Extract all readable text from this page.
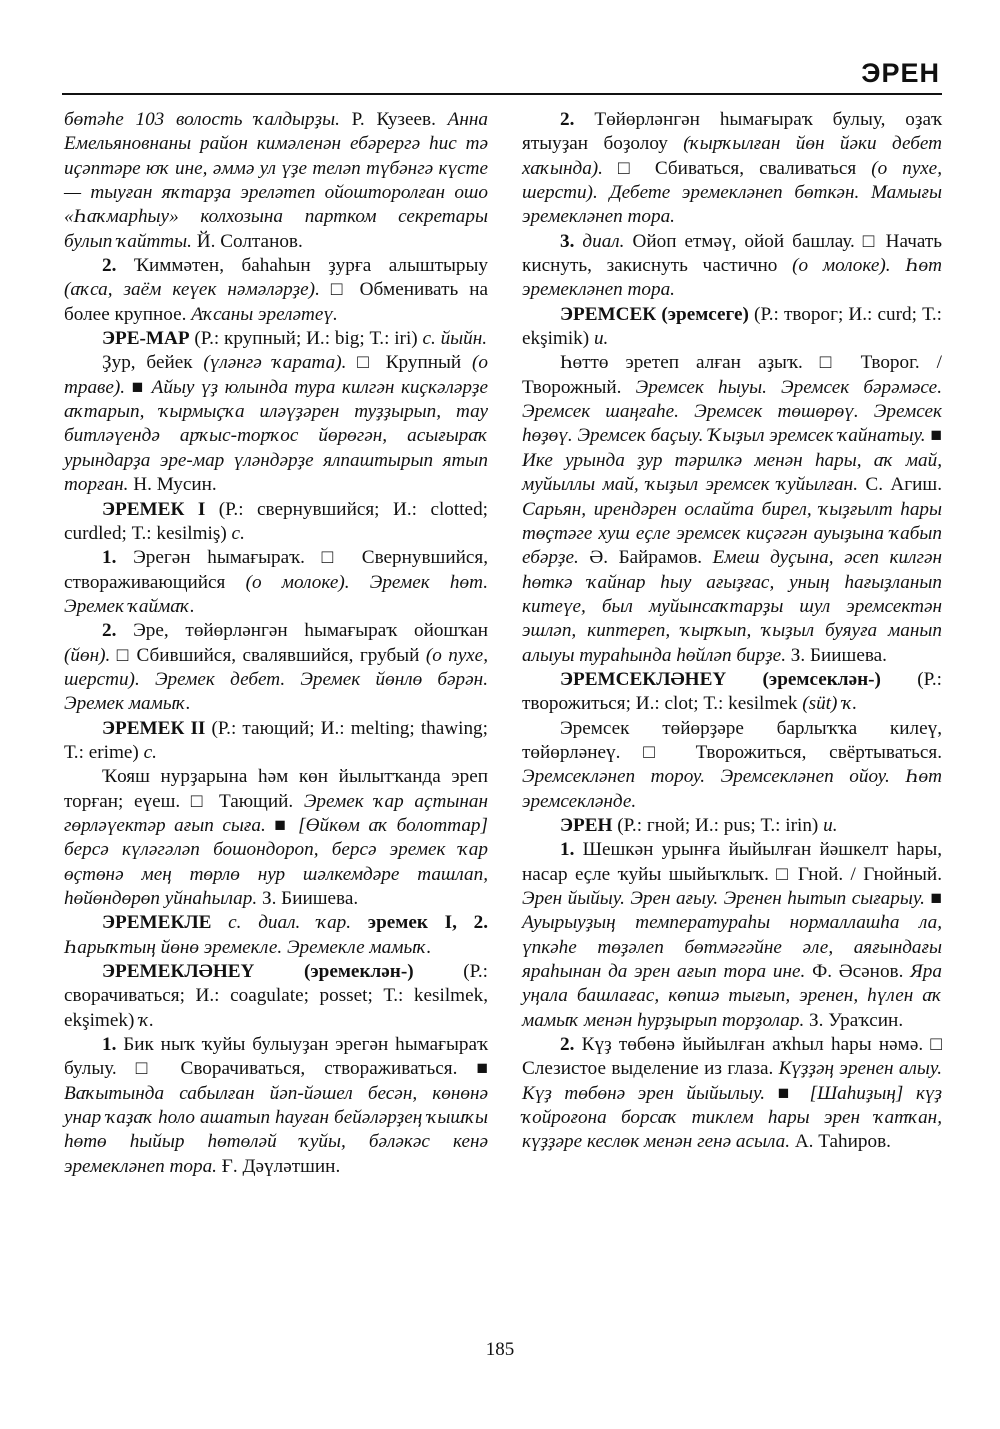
ЭРЕН

бөтәһе 103 волость ҡалдырҙы. Р. Кузеев. Анна Емельяновнаны район кимәленән ебәрергә һис тә иҫәптәре юҡ ине, әммә ул үҙе теләп түбәнгә күсте — тыуған яҡтарҙа эреләтеп ойошторолған ошо «Һаҡмарһыу» колхозына партком секретары булып ҡайтты. Й. Солтанов.

2. Ҡиммәтен, баһаһын ҙурға алыштырыу (аҡса, заём кеүек нәмәләрҙе). □ Обменивать на более крупное. Аҡсаны эреләтеү.

ЭРЕ-МАР (Р.: крупный; И.: big; Т.: iri) с. йыйн.

Ҙур, бейек (үләнгә ҡарата). □ Крупный (о траве). ■ Айыу үҙ юлында тура килгән киҫкәләрҙе аҡтарып, ҡырмыҫҡа иләүҙәрен туҙҙырып, тау битләүендә арҡыс-торҡос йөрөгән, асығыраҡ урындарҙа эре-мар үләндәрҙе ялпаштырып ятып торған. Н. Мусин.

ЭРЕМЕК I (Р.: свернувшийся; И.: clotted; curdled; Т.: kesilmiş) с.

1. Эрегән һымағыраҡ. □ Свернувшийся, створаживающийся (о молоке). Эремек һөт. Эремек ҡаймаҡ.

2. Эре, төйөрләнгән һымағыраҡ ойошҡан (йөн). □ Сбившийся, свалявшийся, грубый (о пухе, шерсти). Эремек дебет. Эремек йөнлө бәрән. Эремек мамыҡ.

ЭРЕМЕК II (Р.: тающий; И.: melting; thawing; Т.: erime) с.

Ҡояш нурҙарына һәм көн йылытҡанда эреп торған; еүеш. □ Тающий. Эремек ҡар аҫтынан гөрләүектәр ағып сыға. ■ [Өйкөм аҡ болоттар] берсә күләгәләп бошондороп, берсә эремек ҡар өҫтөнә мең төрлө нур шәлкемдәре ташлап, һөйөндөрөп уйнаһылар. З. Биишева.

ЭРЕМЕКЛЕ с. диал. ҡар. эремек I, 2. Һарыҡтың йөнө эремекле. Эремекле мамыҡ.

ЭРЕМЕКЛӘНЕҮ (эремеклән-) (Р.: сворачиваться; И.: coagulate; posset; Т.: kesilmek, ekşimek) ҡ.

1. Бик ныҡ ҡуйы булыуҙан эрегән һымағыраҡ булыу. □ Сворачиваться, створаживаться. ■ Ваҡытында сабылған йәп-йәшел бесән, көнөнә унар ҡаҙаҡ һоло ашатып һауған бейәләрҙең ҡышҡы һөтө һыйыр һөтөләй ҡуйы, бәләкәс кенә эремекләнеп тора. Ғ. Дәүләтшин.

2. Төйөрләнгән һымағыраҡ булыу, оҙаҡ ятыуҙан боҙолоу (ҡырҡылған йөн йәки дебет хаҡында). □ Сбиваться, сваливаться (о пухе, шерсти). Дебете эремекләнеп бөткән. Мамығы эремекләнеп тора.

3. диал. Ойоп етмәү, ойой башлау. □ Начать киснуть, закиснуть частично (о молоке). Һөт эремекләнеп тора.

ЭРЕМСЕК (эремсеге) (Р.: творог; И.: curd; Т.: ekşimik) и.

Һөттө эретеп алған аҙыҡ. □ Творог. / Творожный. Эремсек һыуы. Эремсек бәрәмәсе. Эремсек шаңғаһе. Эремсек төшөрөү. Эремсек һөҙөү. Эремсек баҫыу. Ҡыҙыл эремсек ҡайнатыу. ■ Ике урында ҙур тәрилкә менән һары, аҡ май, муйыллы май, ҡыҙыл эремсек ҡуйылған. С. Агиш. Сарьян, ирендәрен ослайта бирел, ҡыҙғылт һары төҫтәге хуш еҫле эремсек киҫәгән ауыҙына ҡабып ебәрҙе. Ә. Байрамов. Емеш дуҫына, әсеп килгән һөткә ҡайнар һыу ағыҙғас, уның һағыҙланып китеүе, был муйынсаҡтарҙы шул эремсектән эшләп, киптереп, ҡырҡып, ҡыҙыл буяуға манып алыуы тураһында һөйләп бирҙе. З. Биишева.

ЭРЕМСЕКЛӘНЕҮ (эремсеклән-) (Р.: творожиться; И.: clot; Т.: kesilmek (süt) ҡ.

Эремсек төйөрҙәре барлыҡҡа килеү, төйөрләнеү. □ Творожиться, свёртываться. Эремсекләнеп тороу. Эремсекләнеп ойоу. Һөт эремсекләнде.

ЭРЕН (Р.: гной; И.: pus; Т.: irin) и.

1. Шешкән урынға йыйылған йәшкелт һары, насар еҫле ҡуйы шыйыҡлыҡ. □ Гной. / Гнойный. Эрен йыйыу. Эрен ағыу. Эренен һытып сығарыу. ■ Ауырыуҙың температураһы нормаллашһа ла, үпкәһе төҙәлеп бөтмәгәйне әле, аяғындағы яраһынан да эрен ағып тора ине. Ф. Әсәнов. Яра уңала башлағас, көпшә тығып, эренен, һүлен аҡ мамыҡ менән һурҙырып торҙолар. З. Ураҡсин.

2. Күҙ төбөнә йыйылған аҡһыл һары нәмә. □ Слезистое выделение из глаза. Күҙҙәң эренен алыу. Күҙ төбөнә эрен йыйылыу. ■ [Шаһиҙың] күҙ ҡойроғона борсаҡ тиклем һары эрен ҡатҡан, күҙҙәре кеслөк менән генә асыла. А. Таһиров.

185
